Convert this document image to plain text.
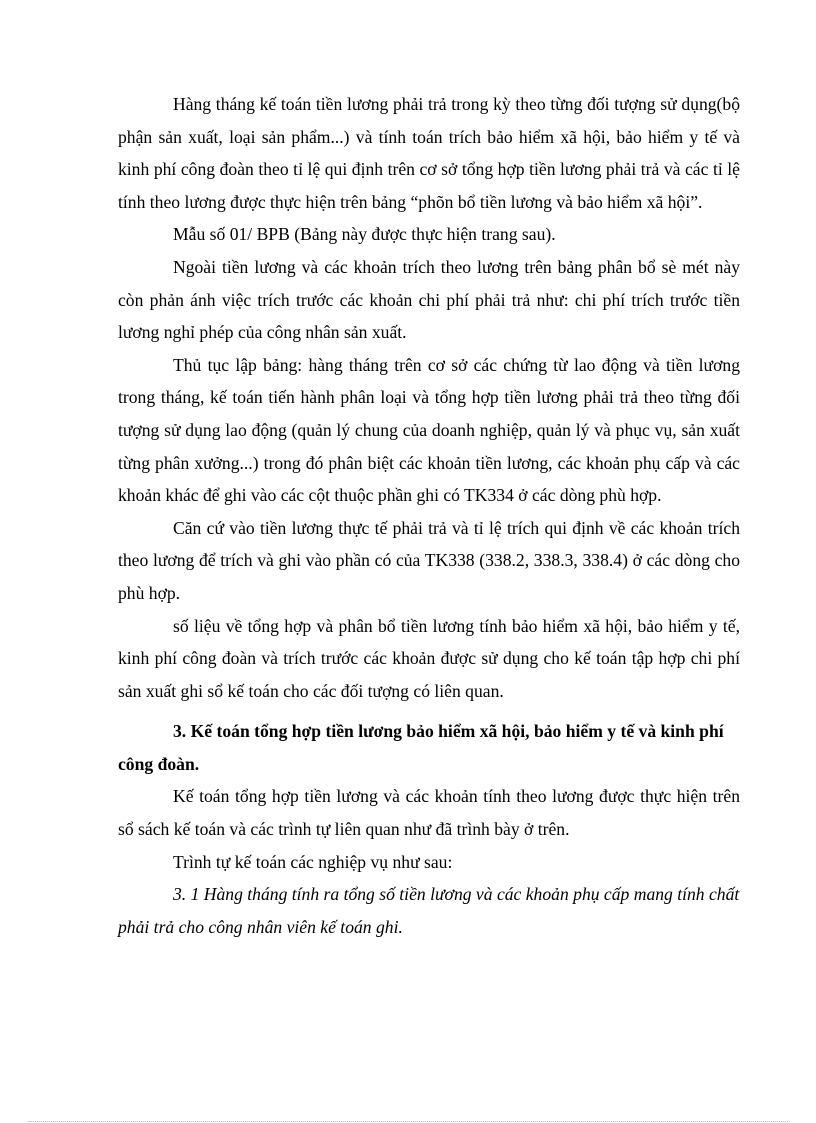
Hàng tháng kế toán tiền lương phải trả trong kỳ theo từng đối tượng sử dụng(bộ phận sản xuất, loại sản phẩm...) và tính toán trích bảo hiểm xã hội, bảo hiểm y tế và kinh phí công đoàn theo tỉ lệ qui định trên cơ sở tổng hợp tiền lương phải trả và các tỉ lệ tính theo lương được thực hiện trên bảng “phõn bổ tiền lương và bảo hiểm xã hội”.

Mẫu số 01/ BPB (Bảng này được thực hiện trang sau).

Ngoài tiền lương và các khoản trích theo lương trên bảng phân bổ sè mét này còn phản ánh việc trích trước các khoản chi phí phải trả như: chi phí trích trước tiền lương nghỉ phép của công nhân sản xuất.

Thủ tục lập bảng: hàng tháng trên cơ sở các chứng từ lao động và tiền lương trong tháng, kế toán tiến hành phân loại và tổng hợp tiền lương phải trả theo từng đối tượng sử dụng lao động (quản lý chung của doanh nghiệp, quản lý và phục vụ, sản xuất từng phân xưởng...) trong đó phân biệt các khoản tiền lương, các khoản phụ cấp và các khoản khác để ghi vào các cột thuộc phần ghi có TK334 ở các dòng phù hợp.

Căn cứ vào tiền lương thực tế phải trả và tỉ lệ trích qui định về các khoản trích theo lương để trích và ghi vào phần có của TK338 (338.2, 338.3, 338.4) ở các dòng cho phù hợp.

số liệu về tổng hợp và phân bổ tiền lương tính bảo hiểm xã hội, bảo hiểm y tế, kinh phí công đoàn và trích trước các khoản được sử dụng cho kế toán tập hợp chi phí sản xuất ghi sổ kế toán cho các đối tượng có liên quan.

3. Kế toán tổng hợp tiền lương bảo hiểm xã hội, bảo hiểm y tế và kinh phí công đoàn.

Kế toán tổng hợp tiền lương và các khoản tính theo lương được thực hiện trên sổ sách kế toán và các trình tự liên quan như đã trình bày ở trên.

Trình tự kế toán các nghiệp vụ như sau:

3. 1 Hàng tháng tính ra tổng số tiền lương và các khoản phụ cấp mang tính chất phải trả cho công nhân viên kế toán ghi.
